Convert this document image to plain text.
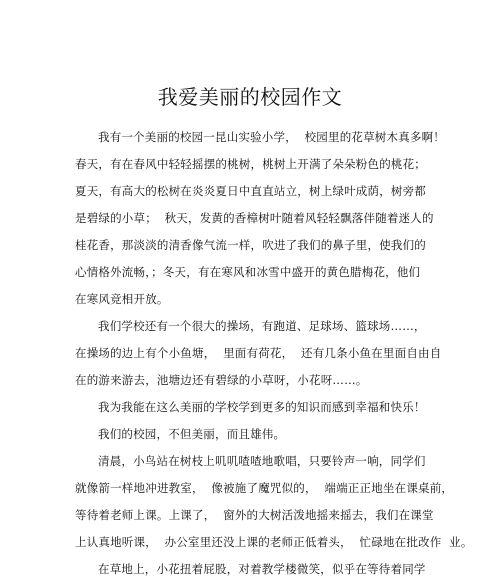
我爱美丽的校园作文
我有一个美丽的校园一昆山实验小学，  校园里的花草树木真多啊！
春天，有在春风中轻轻摇摆的桃树，桃树上开满了朵朵粉色的桃花；
夏天，有高大的松树在炎炎夏日中直直站立，树上绿叶成荫，树旁都
是碧绿的小草；  秋天，发黄的香樟树叶随着风轻轻飘落伴随着迷人的
桂花香，那淡淡的清香像气流一样，吹进了我们的鼻子里，使我们的
心情格外流畅，；冬天，有在寒风和冰雪中盛开的黄色腊梅花，他们
在寒风竞相开放。
我们学校还有一个很大的操场，有跑道、足球场、篮球场……，
在操场的边上有个小鱼塘，  里面有荷花，  还有几条小鱼在里面自由自
在的游来游去，池塘边还有碧绿的小草呀，小花呀……。
我为我能在这么美丽的学校学到更多的知识而感到幸福和快乐！
我们的校园，不但美丽，而且雄伟。
清晨，小鸟站在树枝上叽叽喳喳地歌唱，只要铃声一响，同学们
就像箭一样地冲进教室，  像被施了魔咒似的，  端端正正地坐在课桌前，
等待着老师上课。上课了，  窗外的大树活泼地摇来摇去，我们在课堂
上认真地听课，  办公室里还没上课的老师正低着头，  忙碌地在批改作  业。
在草地上，小花扭着屁股，对着教学楼微笑，似乎在等待着同学
